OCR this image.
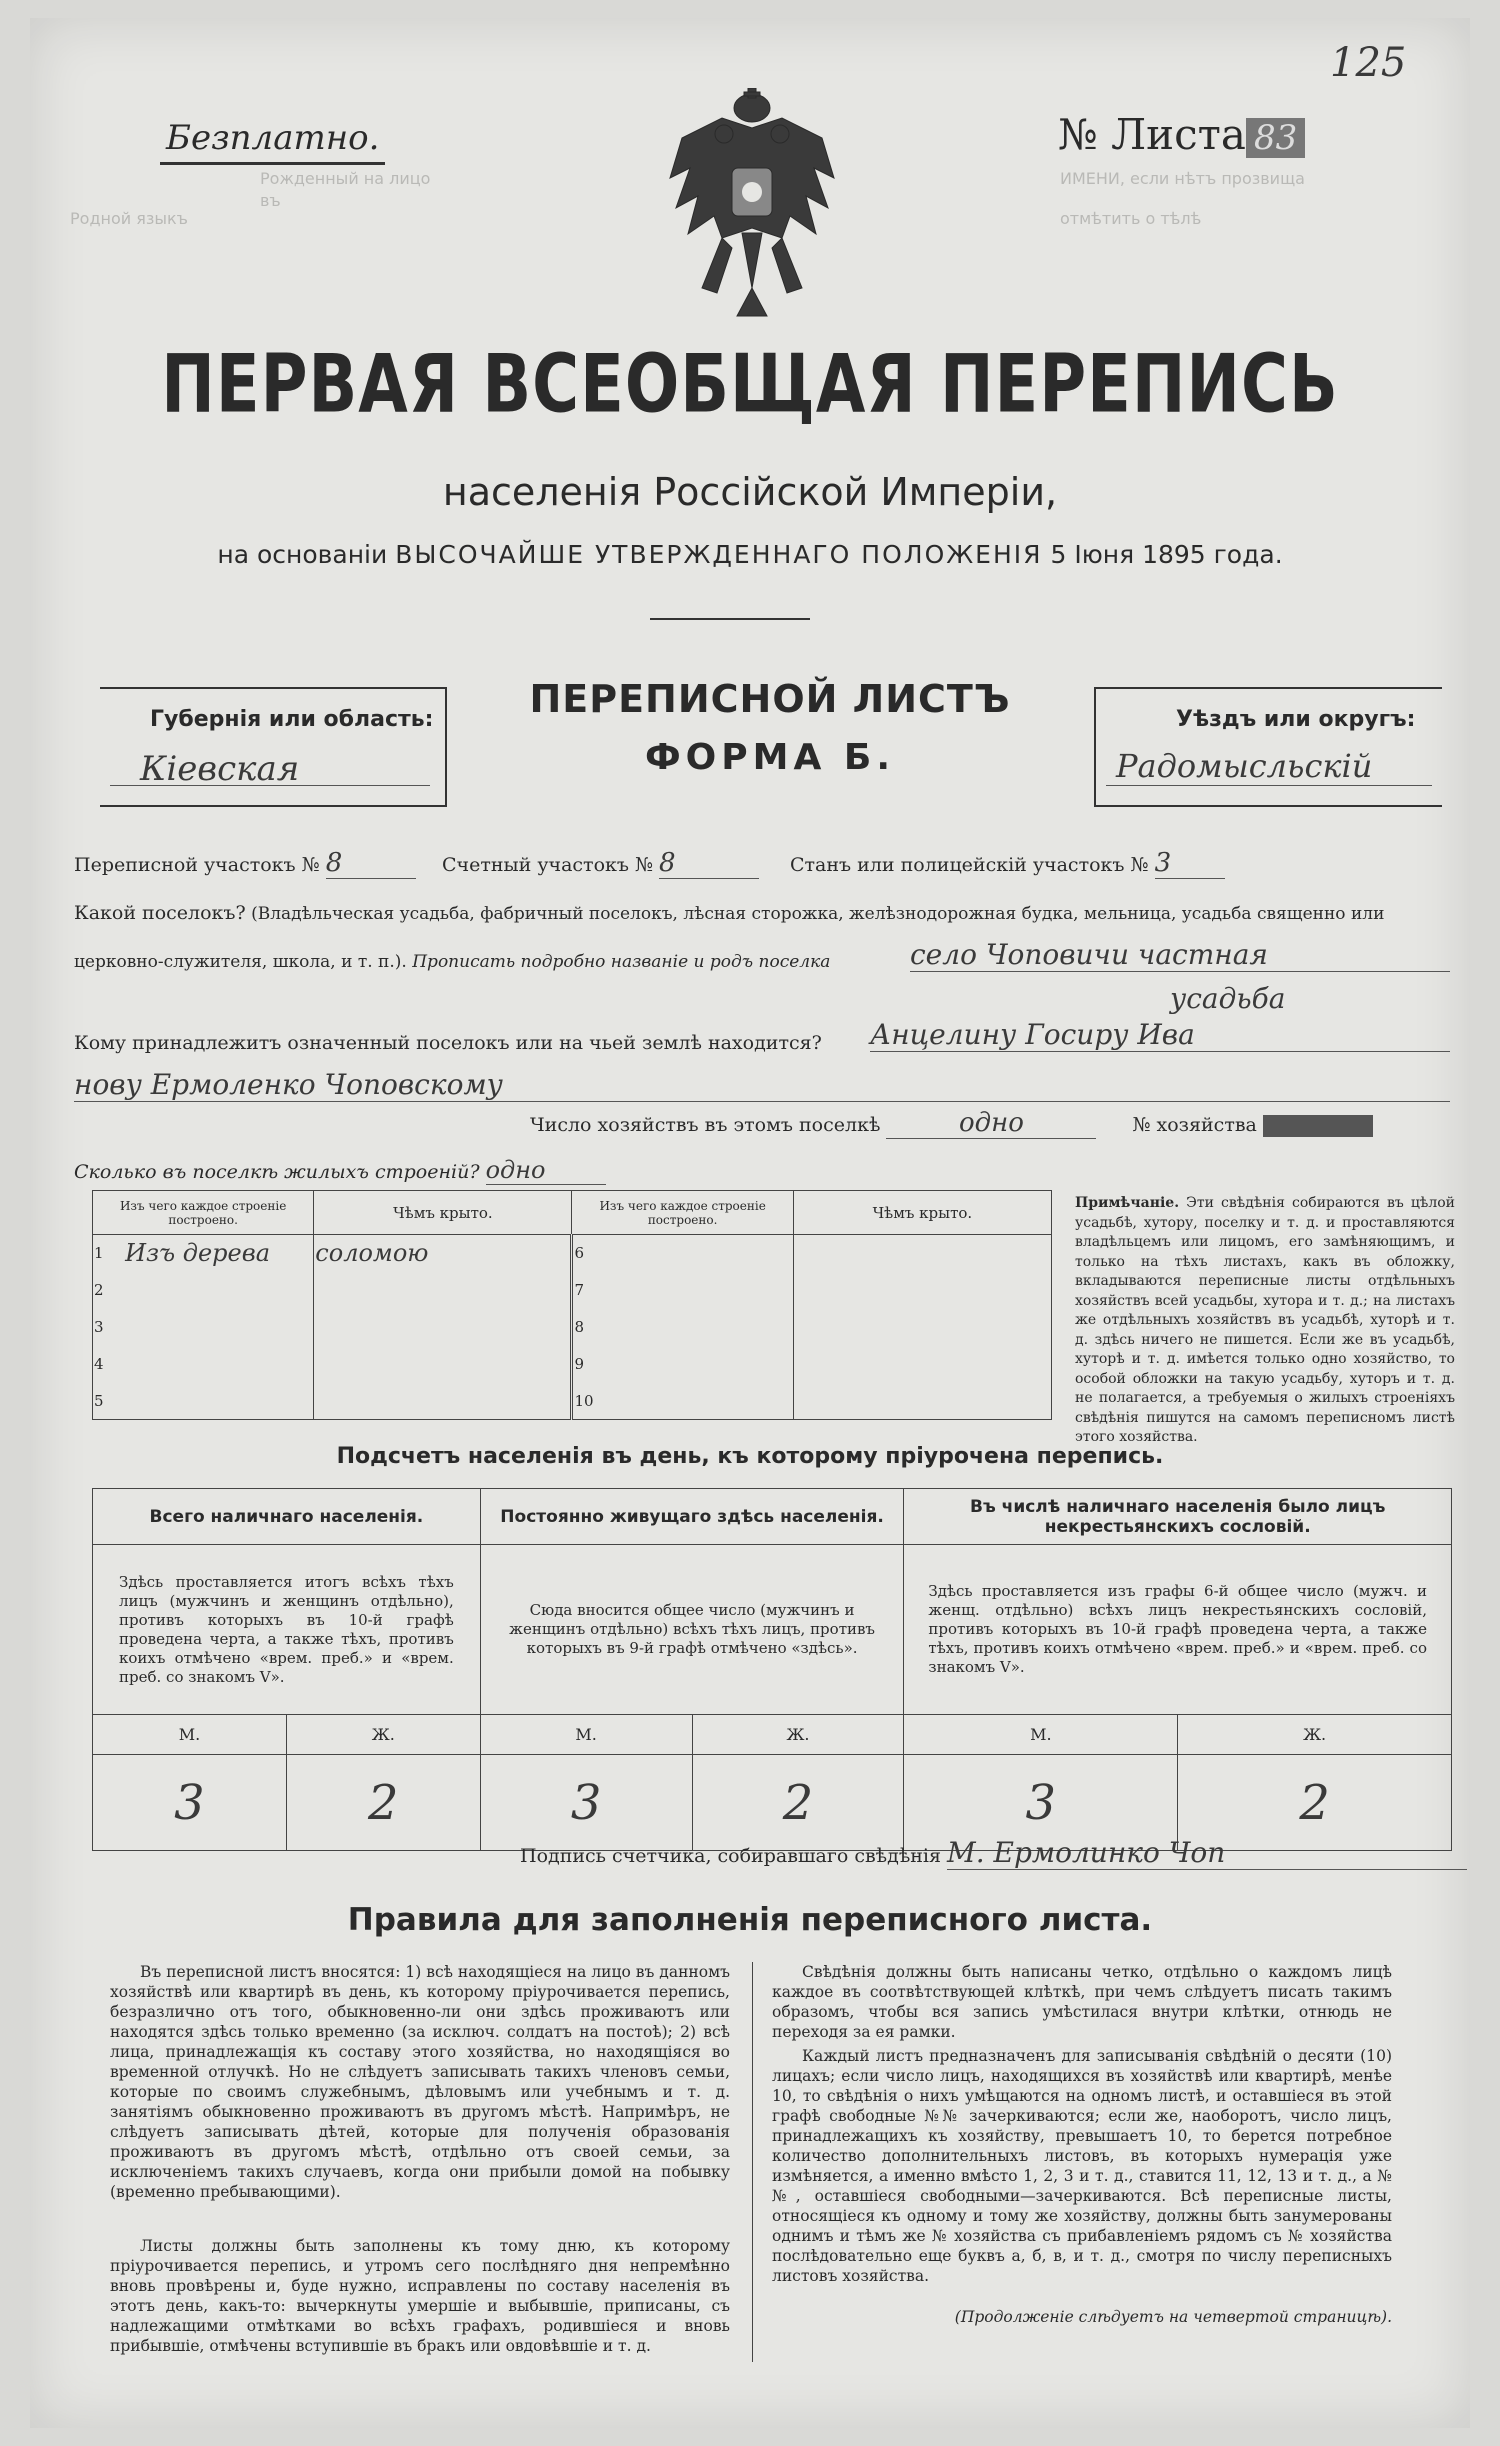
Родной языкъ
Рожденный на лицо въ
отмѣтить о тѣлѣ
ИМЕНИ, если нѣтъ прозвища
125
Безплатно.	№ Листа 83
ПЕРВАЯ ВСЕОБЩАЯ ПЕРЕПИСЬ
населенія Россійской Имперіи,
на основаніи ВЫСОЧАЙШЕ УТВЕРЖДЕННАГО ПОЛОЖЕНІЯ 5 Іюня 1895 года.
Губернія или область:
Кіевская
ПЕРЕПИСНОЙ ЛИСТЪ
ФОРМА Б.
Уѣздъ или округъ:
Радомысльскій
Переписной участокъ № 8	Счетный участокъ № 8	Станъ или полицейскій участокъ № 3
Какой поселокъ? (Владѣльческая усадьба, фабричный поселокъ, лѣсная сторожка, желѣзнодорожная будка, мельница, усадьба священно или
церковно-служителя, школа, и т. п.). Прописать подробно названіе и родъ поселка	село Чоповичи частная
усадьба
Кому принадлежитъ означенный поселокъ или на чьей землѣ находится? Анцелину Госиру Ива
нову Ермоленко Чоповскому
Число хозяйствъ въ этомъ поселкѣ	одно	№ хозяйства
Сколько въ поселкѣ жилыхъ строеній? одно
Изъ чего каждое строеніе построено.		Чѣмъ крыто.	Изъ чего каждое строеніе построено.		Чѣмъ крыто.
1	Изъ дерева	соломою	6		
2			7		
3			8		
4			9		
5			10		
Примѣчаніе. Эти свѣдѣнія собираются въ цѣлой усадьбѣ, хутору, поселку и т. д. и проставляются владѣльцемъ или лицомъ, его замѣняющимъ, и только на тѣхъ листахъ, какъ въ обложку, вкладываются переписные листы отдѣльныхъ хозяйствъ всей усадьбы, хутора и т. д.; на листахъ же отдѣльныхъ хозяйствъ въ усадьбѣ, хуторѣ и т. д. здѣсь ничего не пишется. Если же въ усадьбѣ, хуторѣ и т. д. имѣется только одно хозяйство, то особой обложки на такую усадьбу, хуторъ и т. д. не полагается, а требуемыя о жилыхъ строеніяхъ свѣдѣнія пишутся на самомъ переписномъ листѣ этого хозяйства.
Подсчетъ населенія въ день, къ которому пріурочена перепись.
Всего наличнаго населенія.		Постоянно живущаго здѣсь населенія.		Въ числѣ наличнаго населенія было лицъ некрестьянскихъ сословій.	
Здѣсь проставляется итогъ всѣхъ тѣхъ лицъ (мужчинъ и женщинъ отдѣльно), противъ которыхъ въ 10-й графѣ проведена черта, а также тѣхъ, противъ коихъ отмѣчено «врем. преб.» и «врем. преб. со знакомъ V».		Сюда вносится общее число (мужчинъ и женщинъ отдѣльно) всѣхъ тѣхъ лицъ, противъ которыхъ въ 9-й графѣ отмѣчено «здѣсь».		Здѣсь проставляется изъ графы 6-й общее число (мужч. и женщ. отдѣльно) всѣхъ лицъ некрестьянскихъ сословій, противъ которыхъ въ 10-й графѣ проведена черта, а также тѣхъ, противъ коихъ отмѣчено «врем. преб.» и «врем. преб. со знакомъ V».	
М.	Ж.	М.	Ж.	М.	Ж.
3	2	3	2	3	2
Подпись счетчика, собиравшаго свѣдѣнія М. Ермолинко Чоп
Правила для заполненія переписного листа.
Въ переписной листъ вносятся: 1) всѣ находящіеся на лицо въ данномъ хозяйствѣ или квартирѣ въ день, къ которому пріурочивается перепись, безразлично отъ того, обыкновенно-ли они здѣсь проживаютъ или находятся здѣсь только временно (за исключ. солдатъ на постоѣ); 2) всѣ лица, принадлежащія къ составу этого хозяйства, но находящіяся во временной отлучкѣ. Но не слѣдуетъ записывать такихъ членовъ семьи, которые по своимъ служебнымъ, дѣловымъ или учебнымъ и т. д. занятіямъ обыкновенно проживаютъ въ другомъ мѣстѣ. Напримѣръ, не слѣдуетъ записывать дѣтей, которые для полученія образованія проживаютъ въ другомъ мѣстѣ, отдѣльно отъ своей семьи, за исключеніемъ такихъ случаевъ, когда они прибыли домой на побывку (временно пребывающими).
Листы должны быть заполнены къ тому дню, къ которому пріурочивается перепись, и утромъ сего послѣдняго дня непремѣнно вновь провѣрены и, буде нужно, исправлены по составу населенія въ этотъ день, какъ-то: вычеркнуты умершіе и выбывшіе, приписаны, съ надлежащими отмѣтками во всѣхъ графахъ, родившіеся и вновь прибывшіе, отмѣчены вступившіе въ бракъ или овдовѣвшіе и т. д.
Свѣдѣнія должны быть написаны четко, отдѣльно о каждомъ лицѣ каждое въ соотвѣтствующей клѣткѣ, при чемъ слѣдуетъ писать такимъ образомъ, чтобы вся запись умѣстилася внутри клѣтки, отнюдь не переходя за ея рамки.
Каждый листъ предназначенъ для записыванія свѣдѣній о десяти (10) лицахъ; если число лицъ, находящихся въ хозяйствѣ или квартирѣ, менѣе 10, то свѣдѣнія о нихъ умѣщаются на одномъ листѣ, и оставшіеся въ этой графѣ свободные №№ зачеркиваются; если же, наоборотъ, число лицъ, принадлежащихъ къ хозяйству, превышаетъ 10, то берется потребное количество дополнительныхъ листовъ, въ которыхъ нумерація уже измѣняется, а именно вмѣсто 1, 2, 3 и т. д., ставится 11, 12, 13 и т. д., а №№, оставшіеся свободными—зачеркиваются. Всѣ переписные листы, относящіеся къ одному и тому же хозяйству, должны быть занумерованы однимъ и тѣмъ же № хозяйства съ прибавленіемъ рядомъ съ № хозяйства послѣдовательно еще буквъ а, б, в, и т. д., смотря по числу переписныхъ листовъ хозяйства.
(Продолженіе слѣдуетъ на четвертой страницѣ).
